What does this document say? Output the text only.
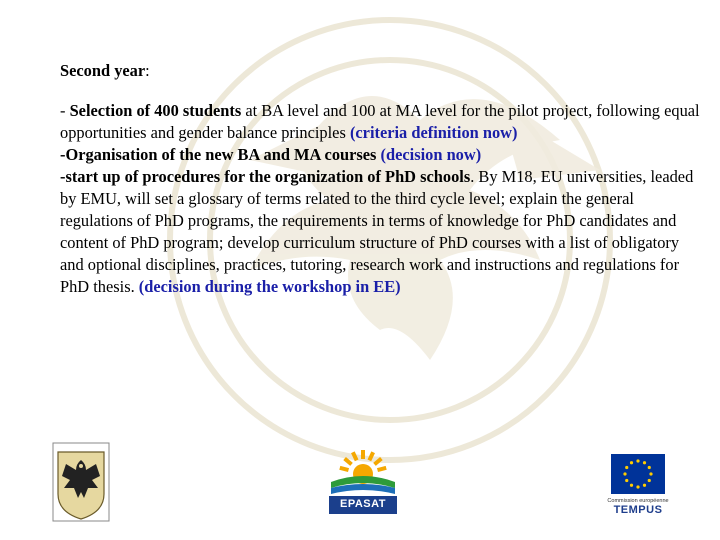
Second year:

- Selection of 400 students at BA level and 100 at MA level for the pilot project, following equal opportunities and gender balance principles (criteria definition now)

-Organisation of the new BA and MA courses (decision now)

-start up of procedures for the organization of PhD schools. By M18, EU universities, leaded by EMU, will set a glossary of terms related to the third cycle level; explain the general regulations of PhD programs, the requirements in terms of knowledge for PhD candidates and content of PhD program; develop curriculum structure of PhD courses with a list of obligatory and optional disciplines, practices, tutoring, research work and instructions and regulations for PhD thesis. (decision during the workshop in EE)

EPASAT	Commission européenne
TEMPUS
